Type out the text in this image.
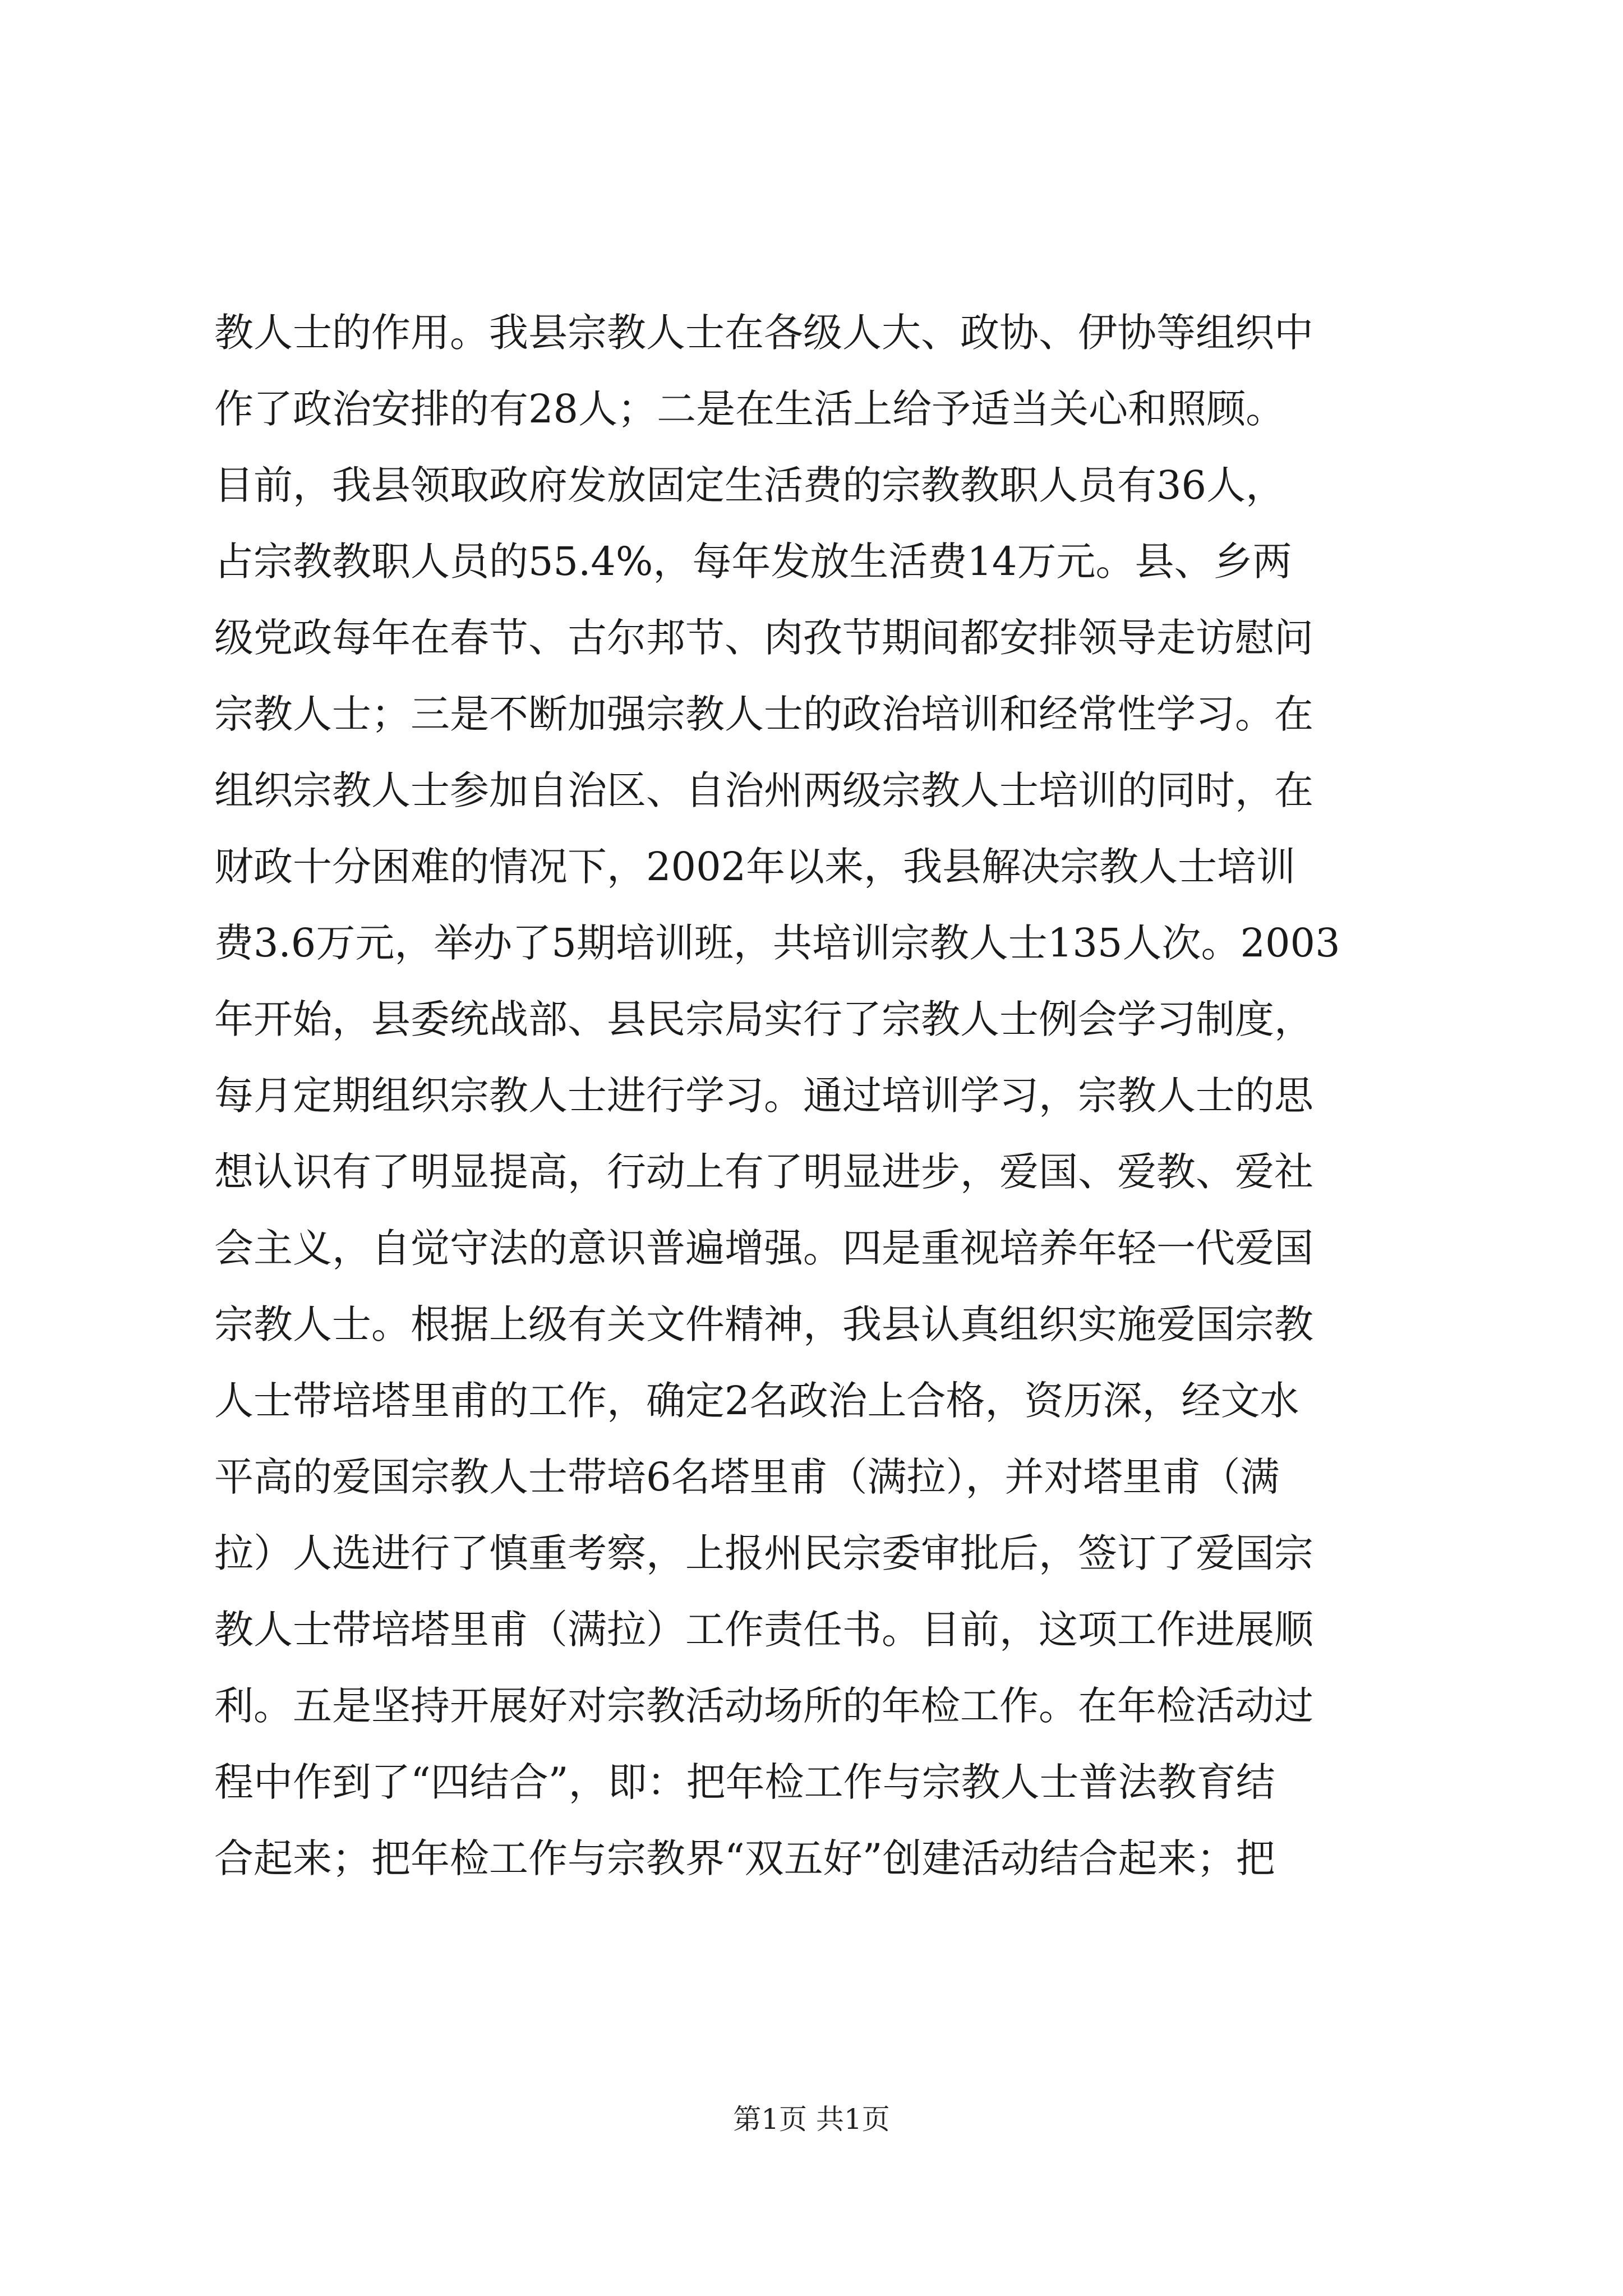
教人士的作用。我县宗教人士在各级人大、政协、伊协等组织中
作了政治安排的有28人；二是在生活上给予适当关心和照顾。
目前，我县领取政府发放固定生活费的宗教教职人员有36人，
占宗教教职人员的55.4%，每年发放生活费14万元。县、乡两
级党政每年在春节、古尔邦节、肉孜节期间都安排领导走访慰问
宗教人士；三是不断加强宗教人士的政治培训和经常性学习。在
组织宗教人士参加自治区、自治州两级宗教人士培训的同时，在
财政十分困难的情况下，2002年以来，我县解决宗教人士培训
费3.6万元，举办了5期培训班，共培训宗教人士135人次。2003
年开始，县委统战部、县民宗局实行了宗教人士例会学习制度，
每月定期组织宗教人士进行学习。通过培训学习，宗教人士的思
想认识有了明显提高，行动上有了明显进步，爱国、爱教、爱社
会主义，自觉守法的意识普遍增强。四是重视培养年轻一代爱国
宗教人士。根据上级有关文件精神，我县认真组织实施爱国宗教
人士带培塔里甫的工作，确定2名政治上合格，资历深，经文水
平高的爱国宗教人士带培6名塔里甫（满拉），并对塔里甫（满
拉）人选进行了慎重考察，上报州民宗委审批后，签订了爱国宗
教人士带培塔里甫（满拉）工作责任书。目前，这项工作进展顺
利。五是坚持开展好对宗教活动场所的年检工作。在年检活动过
程中作到了“四结合”，即：把年检工作与宗教人士普法教育结
合起来；把年检工作与宗教界“双五好”创建活动结合起来；把
第1页 共1页
